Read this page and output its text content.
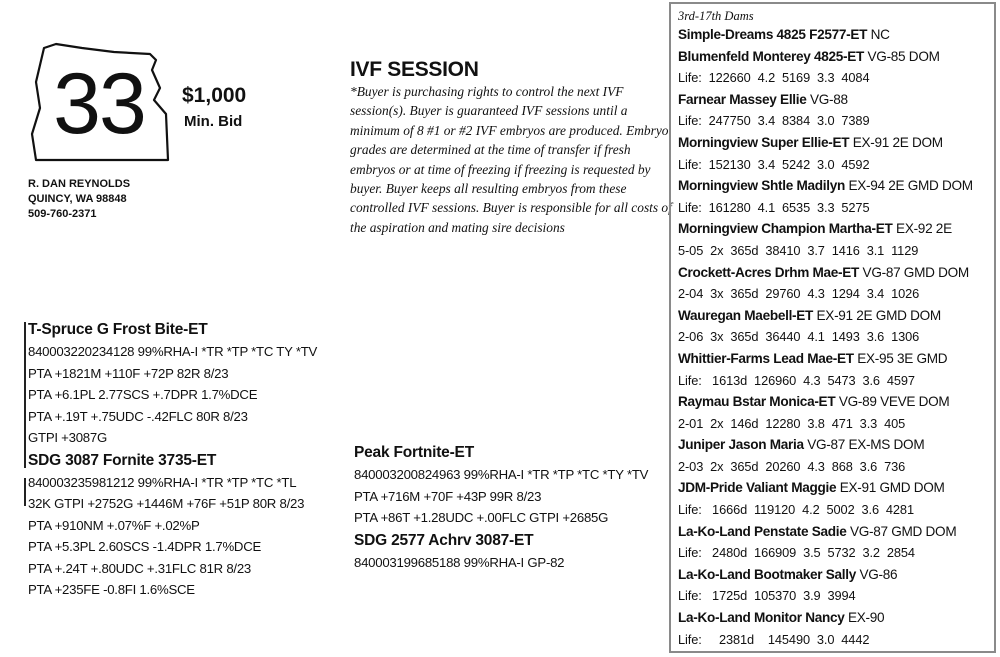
33	$1,000
Min. Bid
R. DAN REYNOLDS
QUINCY, WA 98848
509-760-2371
IVF SESSION

*Buyer is purchasing rights to control the next IVF session(s). Buyer is guaranteed IVF sessions until a minimum of 8 #1 or #2 IVF embryos are produced. Embryo grades are determined at the time of transfer if fresh embryos or at time of freezing if freezing is requested by buyer. Buyer keeps all resulting embryos from these controlled IVF sessions. Buyer is responsible for all costs of the aspiration and mating sire decisions

T-Spruce G Frost Bite-ET
840003220234128 99%RHA-I *TR *TP *TC TY *TV
PTA +1821M +110F +72P 82R 8/23
PTA +6.1PL 2.77SCS +.7DPR 1.7%DCE
PTA +.19T +.75UDC -.42FLC 80R 8/23
GTPI +3087G
SDG 3087 Fornite 3735-ET
840003235981212 99%RHA-I *TR *TP *TC *TL
32K GTPI +2752G +1446M +76F +51P 80R 8/23
PTA +910NM +.07%F +.02%P
PTA +5.3PL 2.60SCS -1.4DPR 1.7%DCE
PTA +.24T +.80UDC +.31FLC 81R 8/23
PTA +235FE -0.8FI 1.6%SCE
Peak Fortnite-ET
840003200824963 99%RHA-I *TR *TP *TC *TY *TV
PTA +716M +70F +43P 99R 8/23
PTA +86T +1.28UDC +.00FLC GTPI +2685G
SDG 2577 Achrv 3087-ET
840003199685188 99%RHA-I GP-82
3rd-17th Dams
Simple-Dreams 4825 F2577-ET NC
Blumenfeld Monterey 4825-ET VG-85 DOM
Life:  122660  4.2  5169  3.3  4084
Farnear Massey Ellie VG-88
Life:  247750  3.4  8384  3.0  7389
Morningview Super Ellie-ET EX-91 2E DOM
Life:  152130  3.4  5242  3.0  4592
Morningview Shtle Madilyn EX-94 2E GMD DOM
Life:  161280  4.1  6535  3.3  5275
Morningview Champion Martha-ET EX-92 2E
5-05  2x  365d  38410  3.7  1416  3.1  1129
Crockett-Acres Drhm Mae-ET VG-87 GMD DOM
2-04  3x  365d  29760  4.3  1294  3.4  1026
Wauregan Maebell-ET EX-91 2E GMD DOM
2-06  3x  365d  36440  4.1  1493  3.6  1306
Whittier-Farms Lead Mae-ET EX-95 3E GMD
Life:   1613d  126960  4.3  5473  3.6  4597
Raymau Bstar Monica-ET VG-89 VEVE DOM
2-01  2x  146d  12280  3.8  471  3.3  405
Juniper Jason Maria VG-87 EX-MS DOM
2-03  2x  365d  20260  4.3  868  3.6  736
JDM-Pride Valiant Maggie EX-91 GMD DOM
Life:   1666d  119120  4.2  5002  3.6  4281
La-Ko-Land Penstate Sadie VG-87 GMD DOM
Life:   2480d  166909  3.5  5732  3.2  2854
La-Ko-Land Bootmaker Sally VG-86
Life:   1725d  105370  3.9  3994
La-Ko-Land Monitor Nancy EX-90
Life:     2381d    145490  3.0  4442
